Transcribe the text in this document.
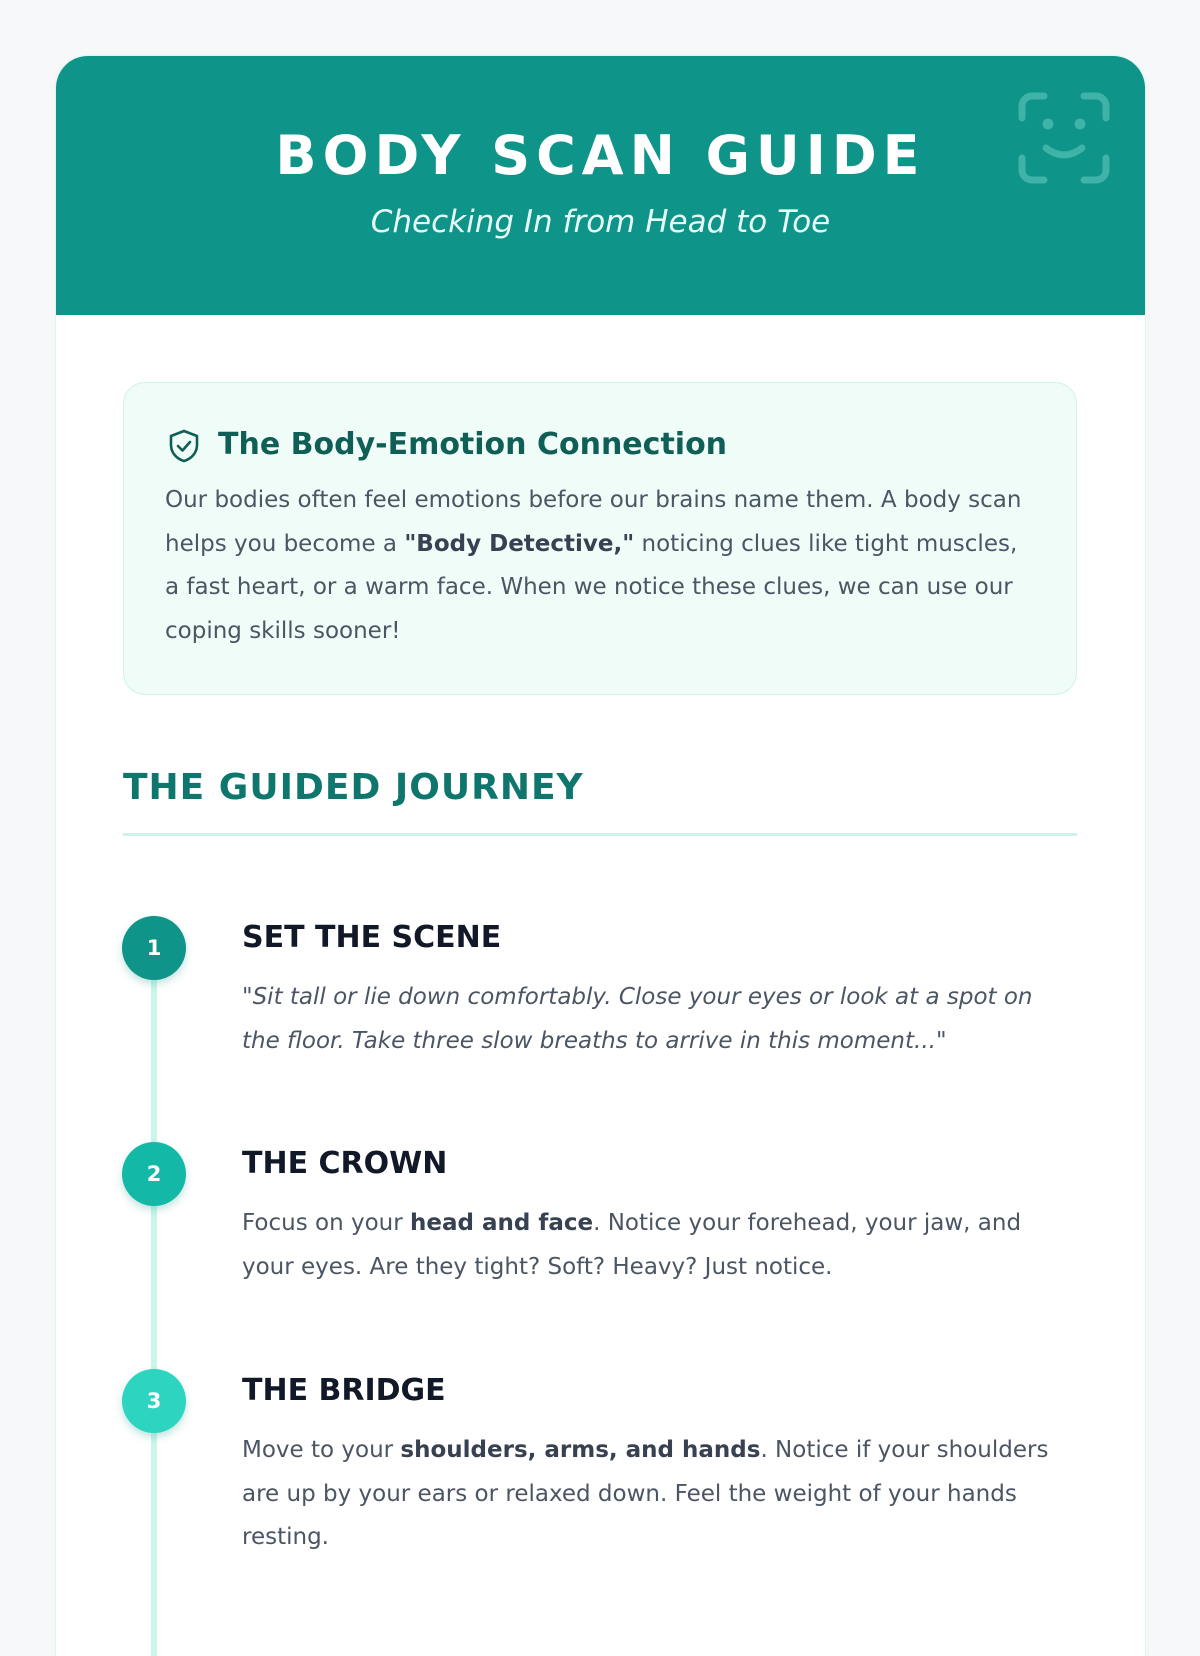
BODY SCAN GUIDE
Checking In from Head to Toe
The Body-Emotion Connection
Our bodies often feel emotions before our brains name them. A body scan helps you become a "Body Detective," noticing clues like tight muscles, a fast heart, or a warm face. When we notice these clues, we can use our coping skills sooner!
THE GUIDED JOURNEY
1	SET THE SCENE
"Sit tall or lie down comfortably. Close your eyes or look at a spot on the floor. Take three slow breaths to arrive in this moment..."
2	THE CROWN
Focus on your head and face. Notice your forehead, your jaw, and your eyes. Are they tight? Soft? Heavy? Just notice.
3	THE BRIDGE
Move to your shoulders, arms, and hands. Notice if your shoulders are up by your ears or relaxed down. Feel the weight of your hands resting.
